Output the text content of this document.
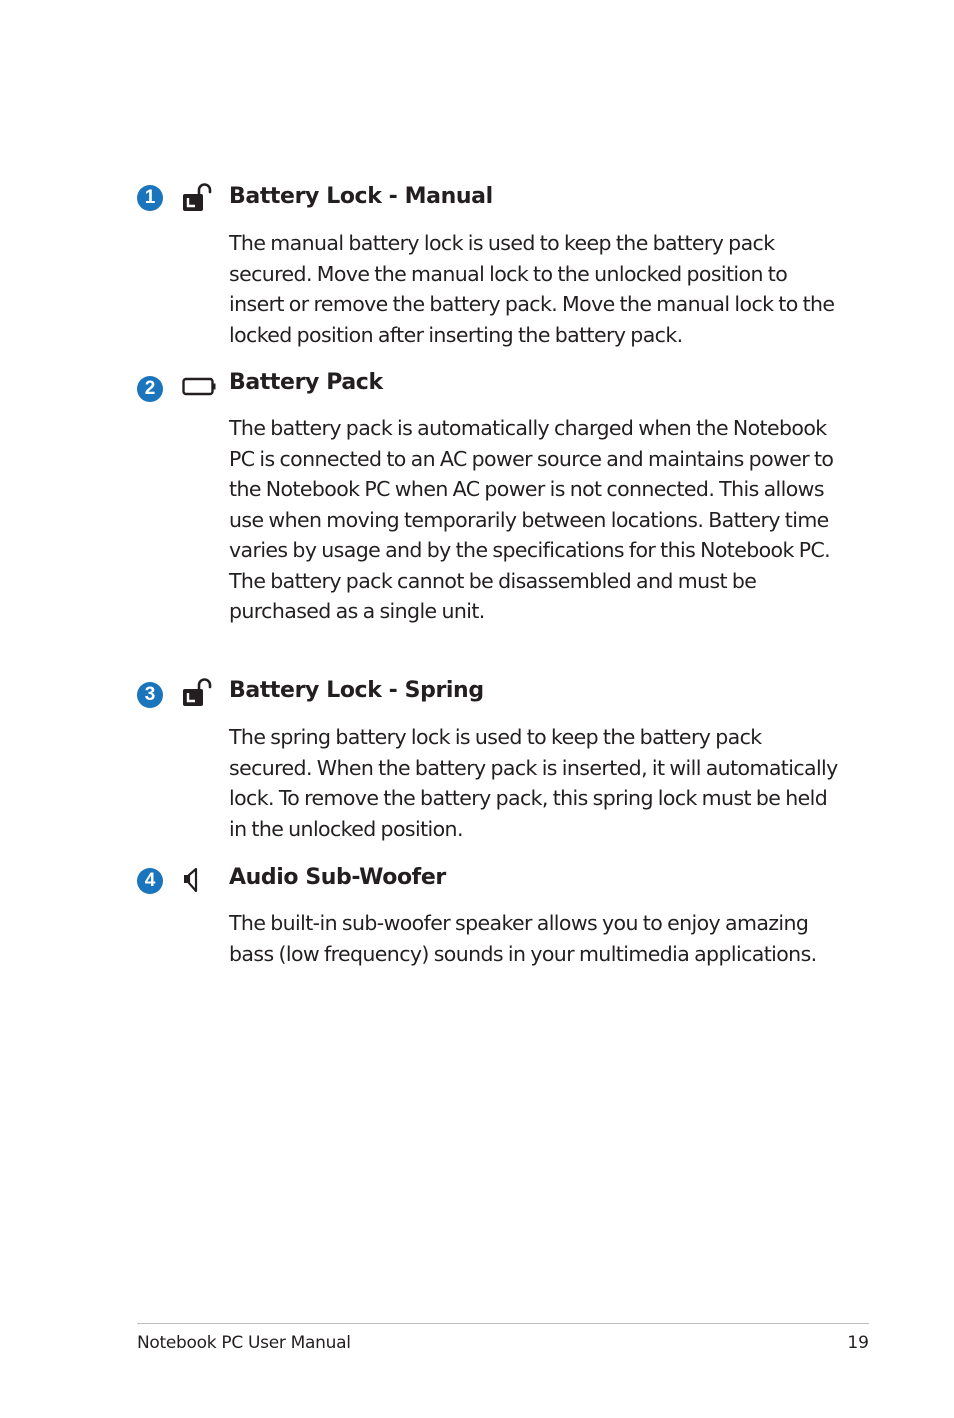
1	Battery Lock - Manual

The manual battery lock is used to keep the battery pack secured. Move the manual lock to the unlocked position to insert or remove the battery pack. Move the manual lock to the locked position after inserting the battery pack.

2	Battery Pack

The battery pack is automatically charged when the Notebook PC is connected to an AC power source and maintains power to the Notebook PC when AC power is not connected. This allows use when moving temporarily between locations. Battery time varies by usage and by the specifications for this Notebook PC. The battery pack cannot be disassembled and must be purchased as a single unit.

3	Battery Lock - Spring

The spring battery lock is used to keep the battery pack secured. When the battery pack is inserted, it will automatically lock. To remove the battery pack, this spring lock must be held in the unlocked position.

4	Audio Sub-Woofer

The built-in sub-woofer speaker allows you to enjoy amazing bass (low frequency) sounds in your multimedia applications.

Notebook PC User Manual	19
